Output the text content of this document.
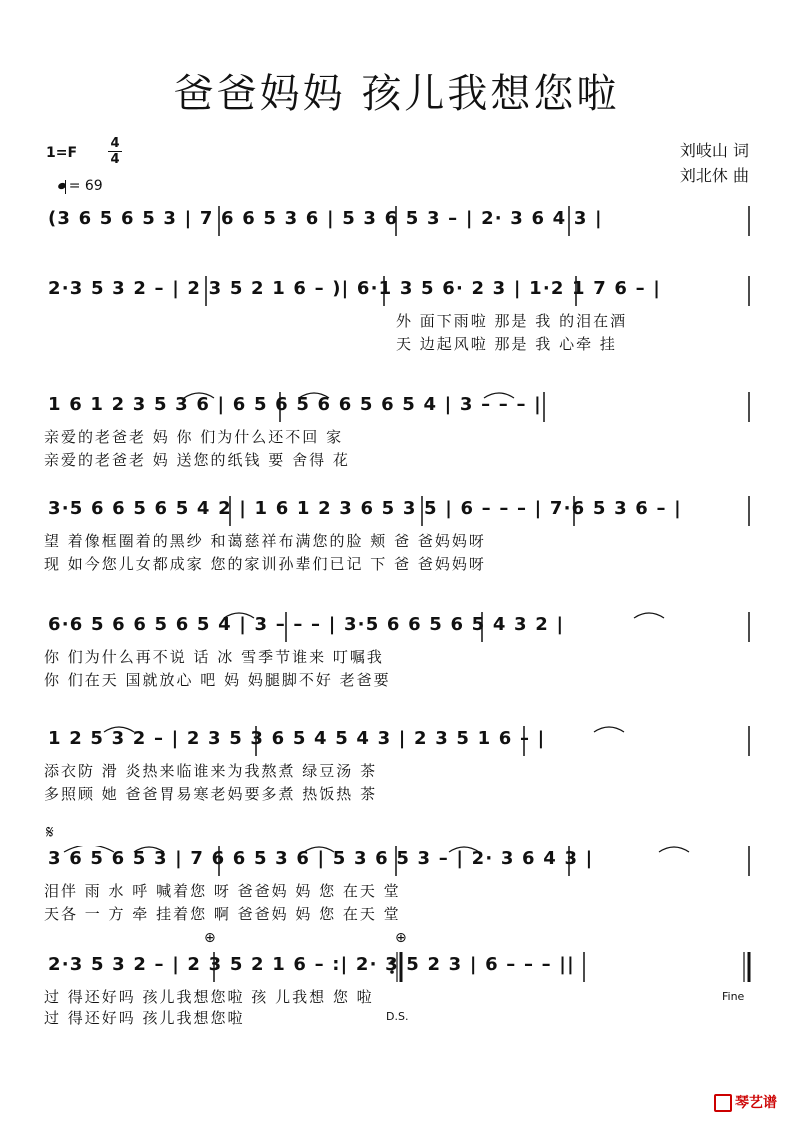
爸爸妈妈 孩儿我想您啦
1=F
4
4
= 69
刘岐山 词
刘北休 曲
(3 6 5 6 5 3 | 7 6 6 5 3 6 | 5 3 6 5 3 – | 2· 3 6 4 3 |
2·3 5 3 2 – | 2 3 5 2 1 6 – )| 6·1 3 5 6· 2 3 | 1·2 1 7 6 – |
外 面下雨啦 那是 我 的泪在酒
天 边起风啦 那是 我 心牵 挂
1 6 1 2 3 5 3 6 | 6 5 6 5 6 6 5 6 5 4 | 3 – – – |
亲爱的老爸老 妈 你 们为什么还不回 家
亲爱的老爸老 妈 送您的纸钱 要 舍得 花
3·5 6 6 5 6 5 4 2 | 1 6 1 2 3 6 5 3 5 | 6 – – – | 7·6 5 3 6 – |
望 着像框圈着的黑纱 和蔼慈祥布满您的脸 颊 爸 爸妈妈呀
现 如今您儿女都成家 您的家训孙辈们已记 下 爸 爸妈妈呀
6·6 5 6 6 5 6 5 4 | 3 – – – | 3·5 6 6 5 6 5 4 3 2 |
你 们为什么再不说 话 冰 雪季节谁来 叮嘱我
你 们在天 国就放心 吧 妈 妈腿脚不好 老爸要
1 2 5 3 2 – | 2 3 5 3 6 5 4 5 4 3 | 2 3 5 1 6 – |
添衣防 滑 炎热来临谁来为我熬煮 绿豆汤 茶
多照顾 她 爸爸胃易寒老妈要多煮 热饭热 茶
𝄋
3 6 5 6 5 3 | 7 6 6 5 3 6 | 5 3 6 5 3 – | 2· 3 6 4 3 |
泪伴 雨 水 呼 喊着您 呀 爸爸妈 妈 您 在天 堂
天各 一 方 牵 挂着您 啊 爸爸妈 妈 您 在天 堂
⊕	⊕
2·3 5 3 2 – | 2 3 5 2 1 6 – :| 2· 3 5 2 3 | 6 – – – ||
过 得还好吗 孩儿我想您啦 孩 儿我想 您 啦
过 得还好吗 孩儿我想您啦
Fine
D.S.
琴艺谱
